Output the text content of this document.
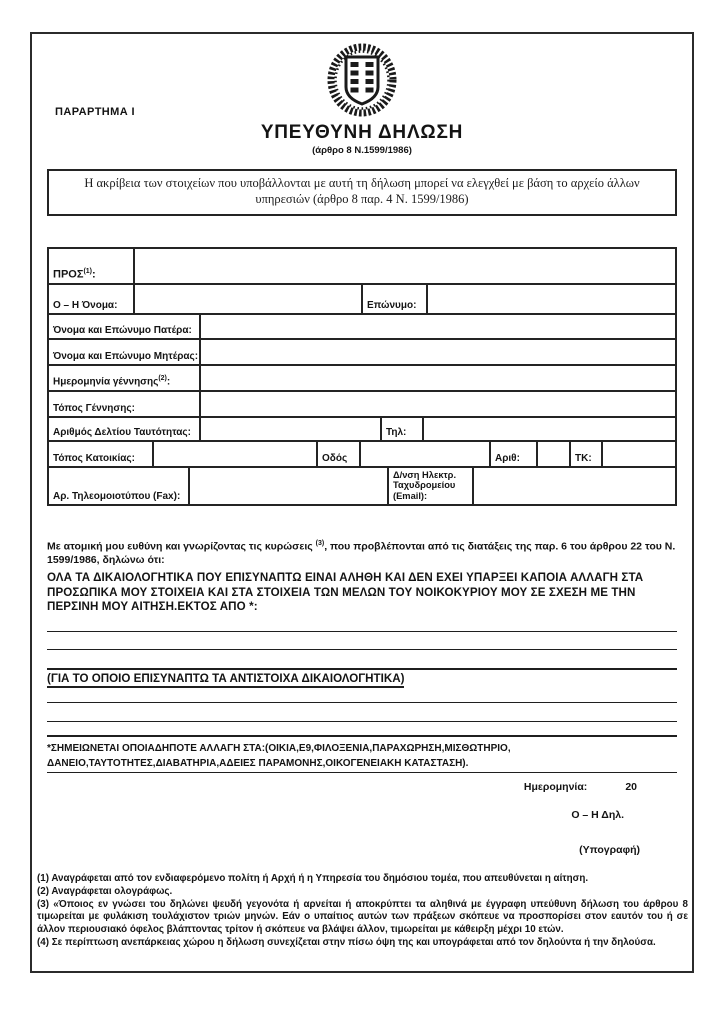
ΠΑΡΑΡΤΗΜΑ Ι
ΥΠΕΥΘΥΝΗ ΔΗΛΩΣΗ
(άρθρο 8 Ν.1599/1986)
Η ακρίβεια των στοιχείων που υποβάλλονται με αυτή τη δήλωση μπορεί να ελεγχθεί με βάση το αρχείο άλλων υπηρεσιών (άρθρο 8 παρ. 4 Ν. 1599/1986)
ΠΡΟΣ$^{(1)}$:
Ο – Η Όνομα:	Επώνυμο:
Όνομα και Επώνυμο Πατέρα:
Όνομα και Επώνυμο Μητέρας:
Ημερομηνία γέννησης$^{(2)}$:
Τόπος Γέννησης:
Αριθμός Δελτίου Ταυτότητας:	Τηλ:
Τόπος Κατοικίας:	Οδός	Αριθ:	ΤΚ:
Αρ. Τηλεομοιοτύπου (Fax):
Δ/νση Ηλεκτρ. Ταχυδρομείου (Email):

Με ατομική μου ευθύνη και γνωρίζοντας τις κυρώσεις $^{(3)}$, που προβλέπονται από τις διατάξεις της παρ. 6 του άρθρου 22 του Ν. 1599/1986, δηλώνω ότι:

ΟΛΑ ΤΑ ΔΙΚΑΙΟΛΟΓΗΤΙΚΑ ΠΟΥ ΕΠΙΣΥΝΑΠΤΩ ΕΙΝΑΙ ΑΛΗΘΗ ΚΑΙ ΔΕΝ ΕΧΕΙ ΥΠΑΡΞΕΙ ΚΑΠΟΙΑ ΑΛΛΑΓΗ ΣΤΑ ΠΡΟΣΩΠΙΚΑ ΜΟΥ ΣΤΟΙΧΕΙΑ ΚΑΙ ΣΤΑ ΣΤΟΙΧΕΙΑ ΤΩΝ ΜΕΛΩΝ ΤΟΥ ΝΟΙΚΟΚΥΡΙΟΥ ΜΟΥ ΣΕ ΣΧΕΣΗ ΜΕ ΤΗΝ ΠΕΡΣΙΝΗ ΜΟΥ ΑΙΤΗΣΗ.ΕΚΤΟΣ ΑΠΟ *:

(ΓΙΑ ΤΟ ΟΠΟΙΟ ΕΠΙΣΥΝΑΠΤΩ ΤΑ ΑΝΤΙΣΤΟΙΧΑ ΔΙΚΑΙΟΛΟΓΗΤΙΚΑ)
*ΣΗΜΕΙΩΝΕΤΑΙ ΟΠΟΙΑΔΗΠΟΤΕ ΑΛΛΑΓΗ ΣΤΑ:(ΟΙΚΙΑ,Ε9,ΦΙΛΟΞΕΝΙΑ,ΠΑΡΑΧΩΡΗΣΗ,ΜΙΣΘΩΤΗΡΙΟ,
ΔΑΝΕΙΟ,ΤΑΥΤΟΤΗΤΕΣ,ΔΙΑΒΑΤΗΡΙΑ,ΑΔΕΙΕΣ ΠΑΡΑΜΟΝΗΣ,ΟΙΚΟΓΕΝΕΙΑΚΗ ΚΑΤΑΣΤΑΣΗ).
Ημερομηνία:	20
Ο – Η Δηλ.
(Υπογραφή)
(1) Αναγράφεται από τον ενδιαφερόμενο πολίτη ή Αρχή ή η Υπηρεσία του δημόσιου τομέα, που απευθύνεται η αίτηση.
(2) Αναγράφεται ολογράφως.
(3) «Όποιος εν γνώσει του δηλώνει ψευδή γεγονότα ή αρνείται ή αποκρύπτει τα αληθινά με έγγραφη υπεύθυνη δήλωση του άρθρου 8 τιμωρείται με φυλάκιση τουλάχιστον τριών μηνών. Εάν ο υπαίτιος αυτών των πράξεων σκόπευε να προσπορίσει στον εαυτόν του ή σε άλλον περιουσιακό όφελος βλάπτοντας τρίτον ή σκόπευε να βλάψει άλλον, τιμωρείται με κάθειρξη μέχρι 10 ετών.
(4) Σε περίπτωση ανεπάρκειας χώρου η δήλωση συνεχίζεται στην πίσω όψη της και υπογράφεται από τον δηλούντα ή την δηλούσα.
